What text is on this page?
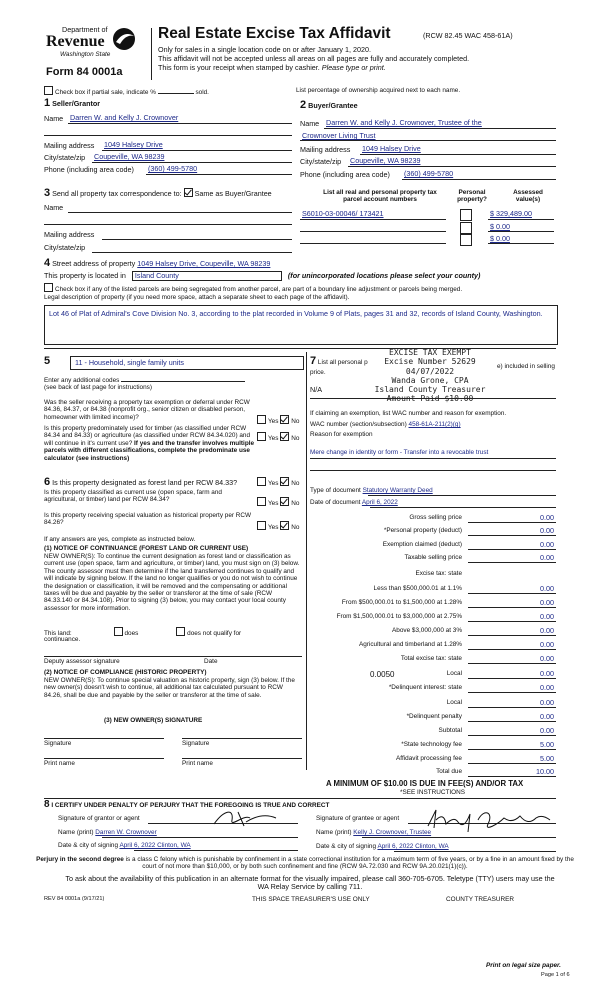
Department of
Revenue
Washington State
Form 84 0001a
Real Estate Excise Tax Affidavit	(RCW 82.45 WAC 458-61A)
Only for sales in a single location code on or after January 1, 2020.
This affidavit will not be accepted unless all areas on all pages are fully and accurately completed.
This form is your receipt when stamped by cashier. Please type or print.
Check box if partial sale, indicate %	sold.	List percentage of ownership acquired next to each name.
1 Seller/Grantor
Name Darren W. and Kelly J. Crownover
Mailing address 1049 Halsey Drive
City/state/zip Coupeville, WA 98239
Phone (including area code) (360) 499-5780
2 Buyer/Grantee
Name Darren W. and Kelly J. Crownover, Trustee of the
Crownover Living Trust
Mailing address 1049 Halsey Drive
City/state/zip Coupeville, WA 98239
Phone (including area code) (360) 499-5780
3 Send all property tax correspondence to: Same as Buyer/Grantee
Name
Mailing address
City/state/zip
List all real and personal property tax
parcel account numbers
Personal
property?
Assessed
value(s)
S6010-03-00046/ 173421	$ 329,489.00
$ 0.00
$ 0.00
4 Street address of property 1049 Halsey Drive, Coupeville, WA 98239
This property is located in Island County	(for unincorporated locations please select your county)
Check box if any of the listed parcels are being segregated from another parcel, are part of a boundary line adjustment or parcels being merged.
Legal description of property (if you need more space, attach a separate sheet to each page of the affidavit).
Lot 46 of Plat of Admiral's Cove Division No. 3, according to the plat recorded in Volume 9 of Plats, pages 31 and 32, records of Island County, Washington.
5	11 - Household, single family units
Enter any additional codes
(see back of last page for instructions)
Was the seller receiving a property tax exemption or deferral under RCW 84.36, 84.37, or 84.38 (nonprofit org., senior citizen or disabled person, homeowner with limited income)?
Yes No
Is this property predominately used for timber (as classified under RCW 84.34 and 84.33) or agriculture (as classified under RCW 84.34.020) and will continue in it's current use? If yes and the transfer involves multiple parcels with different classifications, complete the predominate use calculator (see instructions)
Yes No
6 Is this property designated as forest land per RCW 84.33?	Yes No
Is this property classified as current use (open space, farm and agricultural, or timber) land per RCW 84.34?
Yes No
Is this property receiving special valuation as historical property per RCW 84.26?
Yes No
If any answers are yes, complete as instructed below.
(1) NOTICE OF CONTINUANCE (FOREST LAND OR CURRENT USE)
NEW OWNER(S): To continue the current designation as forest land or classification as current use (open space, farm and agriculture, or timber) land, you must sign on (3) below. The county assessor must then determine if the land transferred continues to qualify and will indicate by signing below. If the land no longer qualifies or you do not wish to continue the designation or classification, it will be removed and the compensating or additional taxes will be due and payable by the seller or transferor at the time of sale (RCW 84.33.140 or 84.34.108). Prior to signing (3) below, you may contact your local county assessor for more information.
This land:	does	does not qualify for
continuance.
Deputy assessor signature	Date
(2) NOTICE OF COMPLIANCE (HISTORIC PROPERTY)
NEW OWNER(S): To continue special valuation as historic property, sign (3) below. If the new owner(s) doesn't wish to continue, all additional tax calculated pursuant to RCW 84.26, shall be due and payable by the seller or transferor at the time of sale.
(3) NEW OWNER(S) SIGNATURE
Signature	Signature
Print name	Print name
7 List all personal p
price.
e) included in selling
N/A
EXCISE TAX EXEMPT
Excise Number 52629
04/07/2022
Wanda Grone, CPA
Island County Treasurer
Amount Paid $10.00
If claiming an exemption, list WAC number and reason for exemption.
WAC number (section/subsection) 458-61A-211(2)(g)
Reason for exemption
Mere change in identity or form - Transfer into a revocable trust
Type of document Statutory Warranty Deed
Date of document April 6, 2022
Gross selling price	0.00
*Personal property (deduct)	0.00
Exemption claimed (deduct)	0.00
Taxable selling price	0.00
Excise tax: state
Less than $500,000.01 at 1.1%	0.00
From $500,000.01 to $1,500,000 at 1.28%	0.00
From $1,500,000.01 to $3,000,000 at 2.75%	0.00
Above $3,000,000 at 3%	0.00
Agricultural and timberland at 1.28%	0.00
Total excise tax: state	0.00
0.0050	Local	0.00
*Delinquent interest: state	0.00
Local	0.00
*Delinquent penalty	0.00
Subtotal	0.00
*State technology fee	5.00
Affidavit processing fee	5.00
Total due	10.00
A MINIMUM OF $10.00 IS DUE IN FEE(S) AND/OR TAX
*SEE INSTRUCTIONS
8 I CERTIFY UNDER PENALTY OF PERJURY THAT THE FOREGOING IS TRUE AND CORRECT
Signature of grantor or agent
Name (print) Darren W. Crownover
Date & city of signing April 6, 2022 Clinton, WA
Signature of grantee or agent
Name (print) Kelly J. Crownover, Trustee
Date & city of signing April 6, 2022 Clinton, WA
Perjury in the second degree is a class C felony which is punishable by confinement in a state correctional institution for a maximum term of five years, or by a fine in an amount fixed by the court of not more than $10,000, or by both such confinement and fine (RCW 9A.72.030 and RCW 9A.20.021(1)(c)).
To ask about the availability of this publication in an alternate format for the visually impaired, please call 360-705-6705. Teletype (TTY) users may use the WA Relay Service by calling 711.
REV 84 0001a (9/17/21)	THIS SPACE TREASURER'S USE ONLY	COUNTY TREASURER
Print on legal size paper.
Page 1 of 6
